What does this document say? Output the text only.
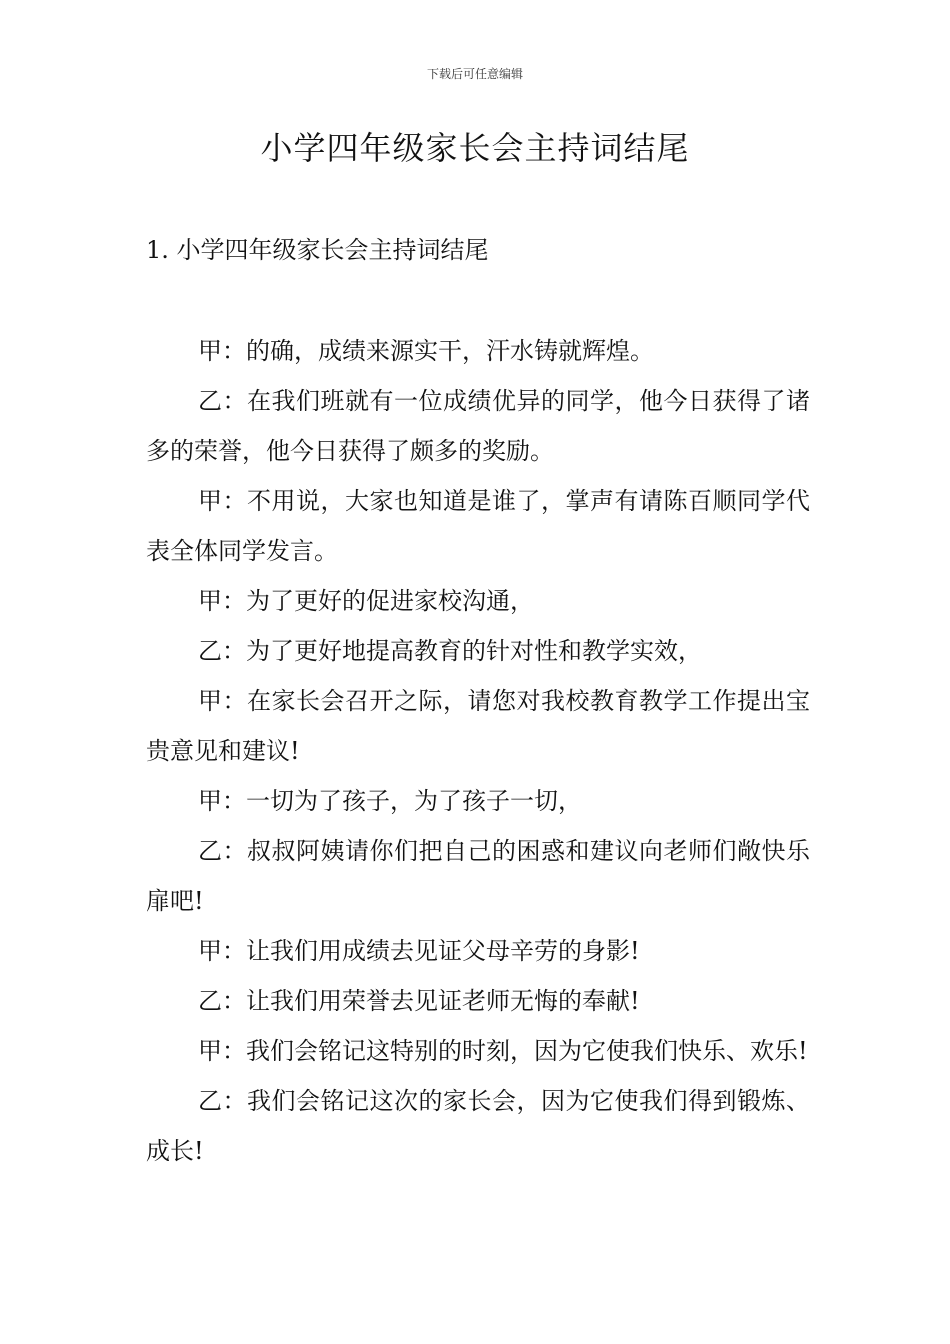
下载后可任意编辑
小学四年级家长会主持词结尾
1. 小学四年级家长会主持词结尾

甲：的确，成绩来源实干，汗水铸就辉煌。

乙：在我们班就有一位成绩优异的同学，他今日获得了诸多的荣誉，他今日获得了颇多的奖励。

甲：不用说，大家也知道是谁了，掌声有请陈百顺同学代表全体同学发言。

甲：为了更好的促进家校沟通，

乙：为了更好地提高教育的针对性和教学实效，

甲：在家长会召开之际，请您对我校教育教学工作提出宝贵意见和建议!

甲：一切为了孩子，为了孩子一切，

乙：叔叔阿姨请你们把自己的困惑和建议向老师们敞快乐扉吧!

甲：让我们用成绩去见证父母辛劳的身影!

乙：让我们用荣誉去见证老师无悔的奉献!

甲：我们会铭记这特别的时刻，因为它使我们快乐、欢乐!

乙：我们会铭记这次的家长会，因为它使我们得到锻炼、成长!
